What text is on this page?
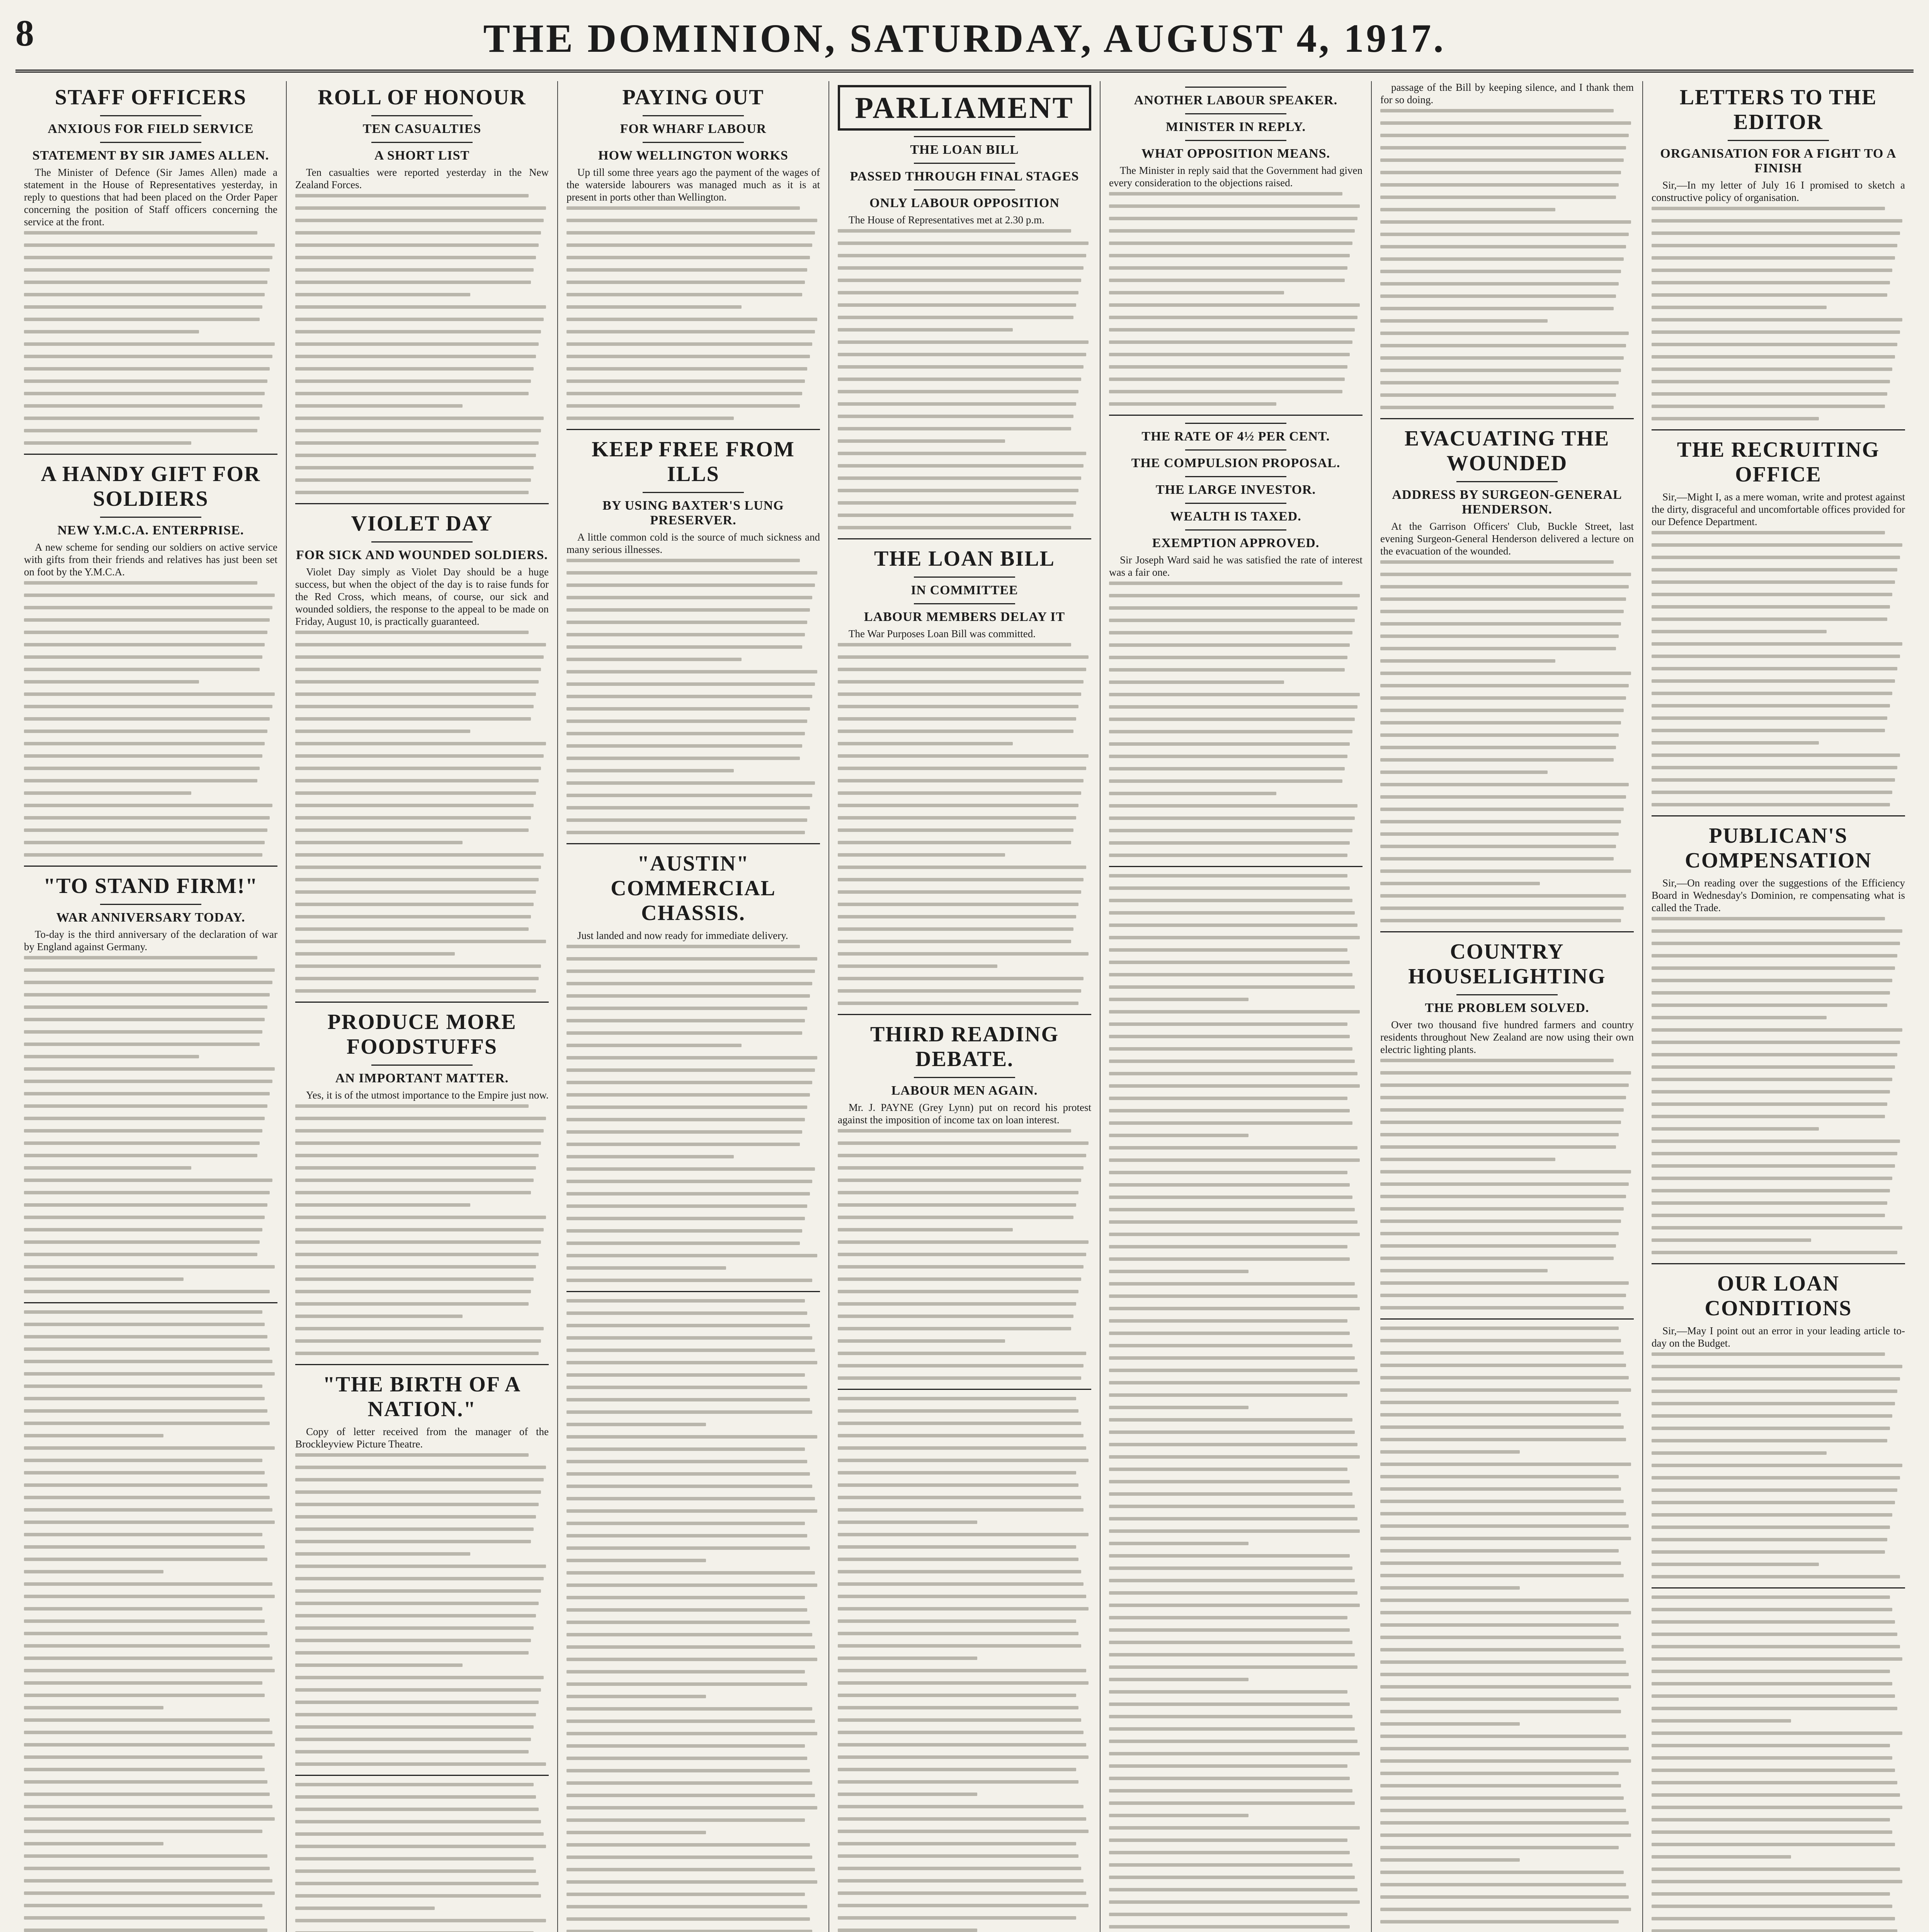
8	THE DOMINION, SATURDAY, AUGUST 4, 1917.
STAFF OFFICERS
ANXIOUS FOR FIELD SERVICE
STATEMENT BY SIR JAMES ALLEN.

The Minister of Defence (Sir James Allen) made a statement in the House of Representatives yesterday, in reply to questions that had been placed on the Order Paper concerning the position of Staff officers concerning the service at the front.

A HANDY GIFT FOR SOLDIERS
NEW Y.M.C.A. ENTERPRISE.

A new scheme for sending our soldiers on active service with gifts from their friends and relatives has just been set on foot by the Y.M.C.A.

"TO STAND FIRM!"
WAR ANNIVERSARY TODAY.

To-day is the third anniversary of the declaration of war by England against Germany.

ROLL OF HONOUR
TEN CASUALTIES
A SHORT LIST

Ten casualties were reported yesterday in the New Zealand Forces.

VIOLET DAY
FOR SICK AND WOUNDED SOLDIERS.

Violet Day simply as Violet Day should be a huge success, but when the object of the day is to raise funds for the Red Cross, which means, of course, our sick and wounded soldiers, the response to the appeal to be made on Friday, August 10, is practically guaranteed.

PRODUCE MORE FOODSTUFFS
AN IMPORTANT MATTER.

Yes, it is of the utmost importance to the Empire just now.

"THE BIRTH OF A NATION."

Copy of letter received from the manager of the Brockleyview Picture Theatre.

PAYING OUT
FOR WHARF LABOUR
HOW WELLINGTON WORKS

Up till some three years ago the payment of the wages of the waterside labourers was managed much as it is at present in ports other than Wellington.

KEEP FREE FROM ILLS
BY USING BAXTER'S LUNG PRESERVER.

A little common cold is the source of much sickness and many serious illnesses.

"AUSTIN" COMMERCIAL CHASSIS.

Just landed and now ready for immediate delivery.

PARLIAMENT
THE LOAN BILL
PASSED THROUGH FINAL STAGES
ONLY LABOUR OPPOSITION

The House of Representatives met at 2.30 p.m.

THE LOAN BILL
IN COMMITTEE
LABOUR MEMBERS DELAY IT

The War Purposes Loan Bill was committed.

THIRD READING DEBATE.
LABOUR MEN AGAIN.

Mr. J. PAYNE (Grey Lynn) put on record his protest against the imposition of income tax on loan interest.

ANOTHER LABOUR SPEAKER.
MINISTER IN REPLY.
WHAT OPPOSITION MEANS.

The Minister in reply said that the Government had given every consideration to the objections raised.

THE RATE OF 4½ PER CENT.
THE COMPULSION PROPOSAL.
THE LARGE INVESTOR.
WEALTH IS TAXED.
EXEMPTION APPROVED.

Sir Joseph Ward said he was satisfied the rate of interest was a fair one.

passage of the Bill by keeping silence, and I thank them for so doing.

EVACUATING THE WOUNDED
ADDRESS BY SURGEON-GENERAL HENDERSON.

At the Garrison Officers' Club, Buckle Street, last evening Surgeon-General Henderson delivered a lecture on the evacuation of the wounded.

COUNTRY HOUSELIGHTING
THE PROBLEM SOLVED.

Over two thousand five hundred farmers and country residents throughout New Zealand are now using their own electric lighting plants.

LETTERS TO THE EDITOR
ORGANISATION FOR A FIGHT TO A FINISH

Sir,—In my letter of July 16 I promised to sketch a constructive policy of organisation.

THE RECRUITING OFFICE

Sir,—Might I, as a mere woman, write and protest against the dirty, disgraceful and uncomfortable offices provided for our Defence Department.

PUBLICAN'S COMPENSATION

Sir,—On reading over the suggestions of the Efficiency Board in Wednesday's Dominion, re compensating what is called the Trade.

OUR LOAN CONDITIONS

Sir,—May I point out an error in your leading article to-day on the Budget.
